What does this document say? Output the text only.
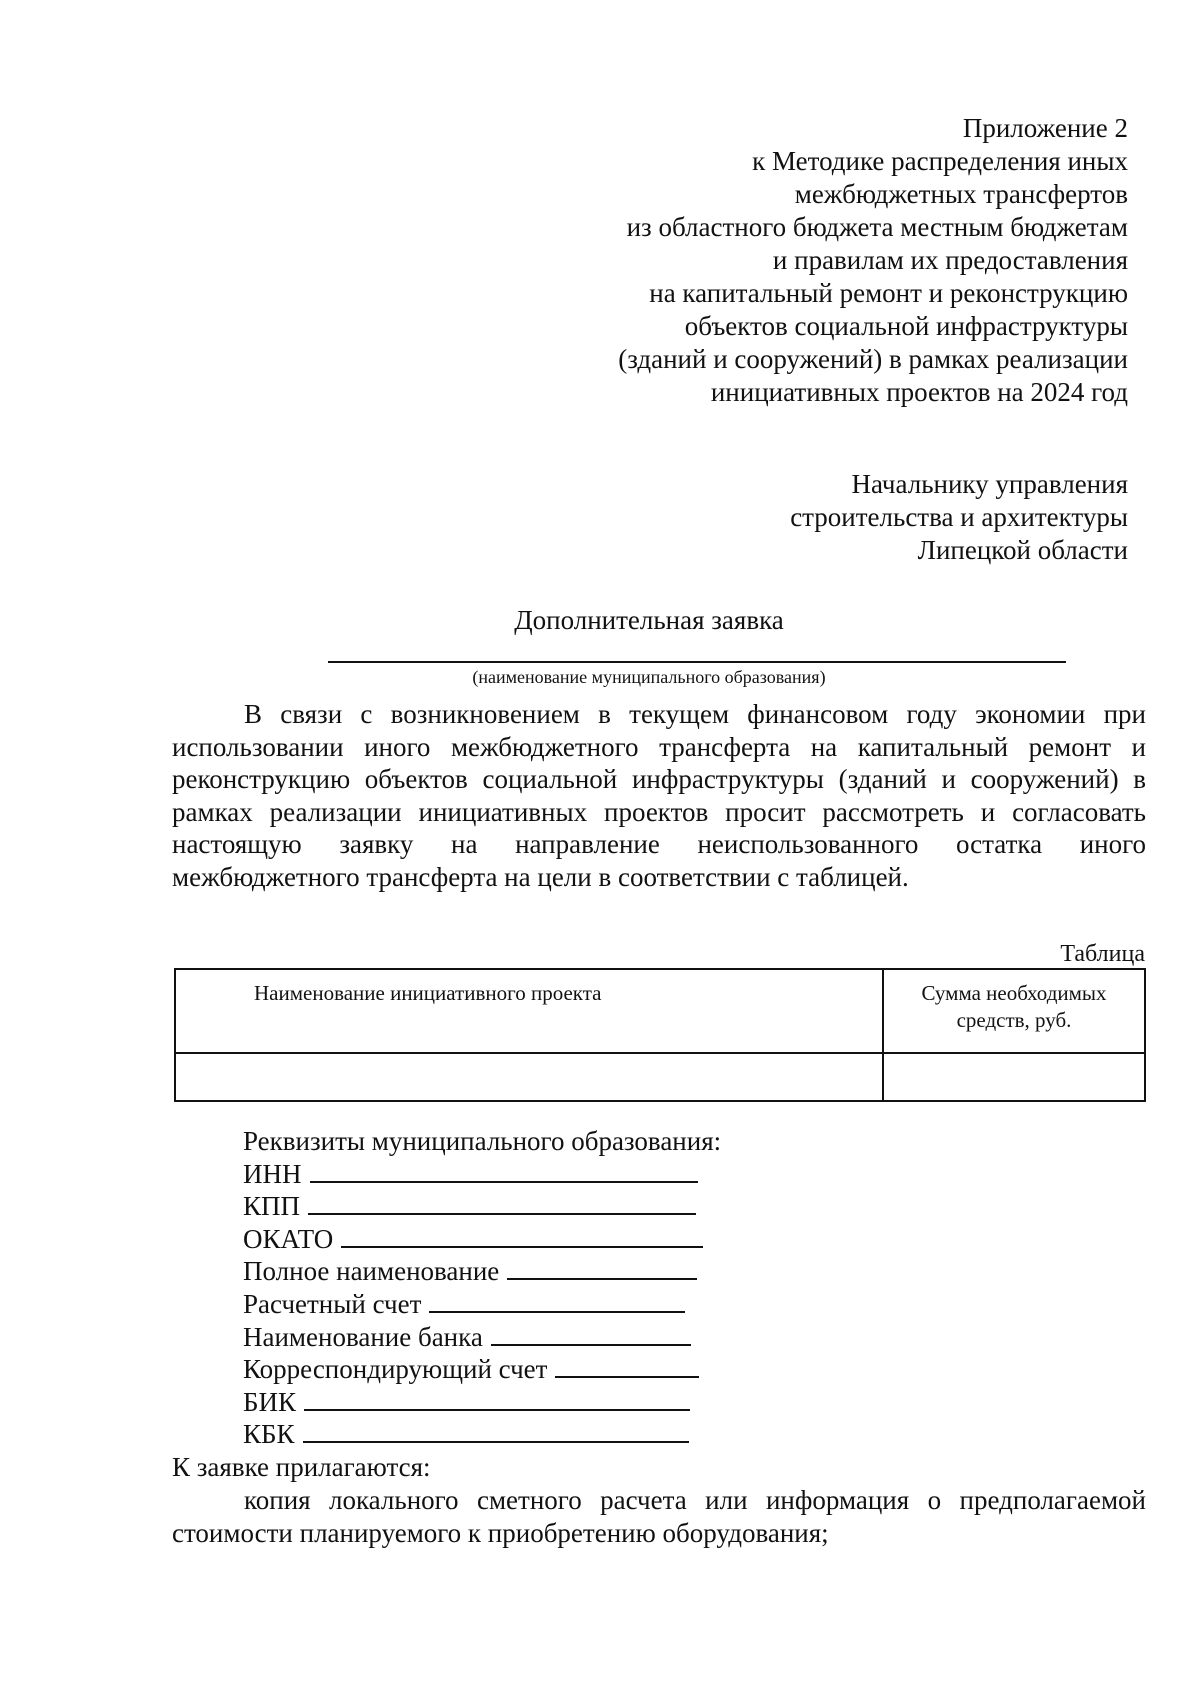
Приложение 2
к Методике распределения иных
межбюджетных трансфертов
из областного бюджета местным бюджетам
и правилам их предоставления
на капитальный ремонт и реконструкцию
объектов социальной инфраструктуры
(зданий и сооружений) в рамках реализации
инициативных проектов на 2024 год
Начальнику управления
строительства и архитектуры
Липецкой области
Дополнительная заявка
(наименование муниципального образования)
В связи с возникновением в текущем финансовом году экономии при
использовании иного межбюджетного трансферта на капитальный ремонт и
реконструкцию объектов социальной инфраструктуры (зданий и сооружений) в
рамках реализации инициативных проектов просит рассмотреть и согласовать
настоящую заявку на направление неиспользованного остатка иного
межбюджетного трансферта на цели в соответствии с таблицей.
Таблица
Наименование инициативного проекта	Сумма необходимых средств, руб.

Реквизиты муниципального образования:
ИНН
КПП
ОКАТО
Полное наименование
Расчетный счет
Наименование банка
Корреспондирующий счет
БИК
КБК
К заявке прилагаются:
копия локального сметного расчета или информация о предполагаемой
стоимости планируемого к приобретению оборудования;
